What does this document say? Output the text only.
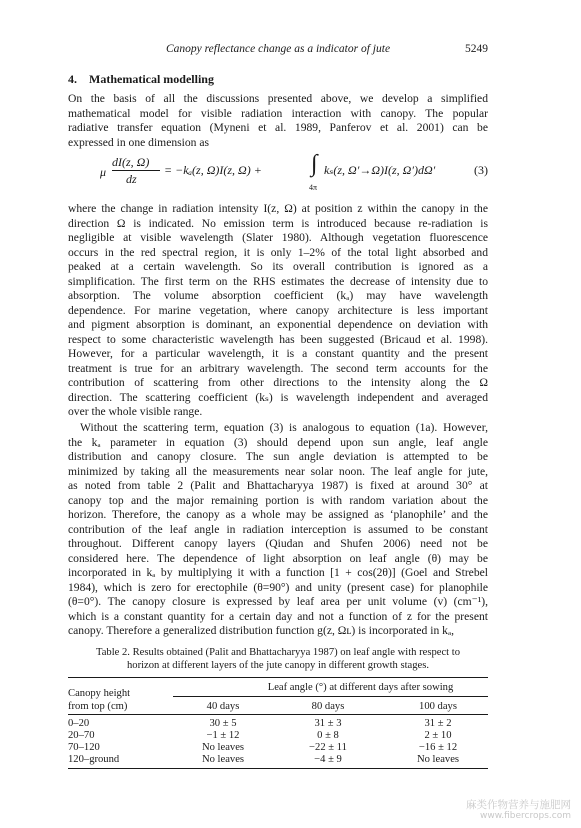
Canopy reflectance change as a indicator of jute	5249
4. Mathematical modelling

On the basis of all the discussions presented above, we develop a simplified
mathematical model for visible radiation interaction with canopy. The popular
radiative transfer equation (Myneni et al. 1989, Panferov et al. 2001) can be
expressed in one dimension as

μ
dI(z, Ω)
dz
= −kₐ(z, Ω)I(z, Ω) + ∫
4π
kₛ(z, Ω′→Ω)I(z, Ω′)dΩ′	(3)

where the change in radiation intensity I(z, Ω) at position z within the canopy in the
direction Ω is indicated. No emission term is introduced because re-radiation is
negligible at visible wavelength (Slater 1980). Although vegetation fluorescence
occurs in the red spectral region, it is only 1–2% of the total light absorbed and
peaked at a certain wavelength. So its overall contribution is ignored as a
simplification. The first term on the RHS estimates the decrease of intensity due to
absorption. The volume absorption coefficient (kₐ) may have wavelength
dependence. For marine vegetation, where canopy architecture is less important
and pigment absorption is dominant, an exponential dependence on deviation with
respect to some characteristic wavelength has been suggested (Bricaud et al. 1998).
However, for a particular wavelength, it is a constant quantity and the present
treatment is true for an arbitrary wavelength. The second term accounts for the
contribution of scattering from other directions to the intensity along the Ω
direction. The scattering coefficient (kₛ) is wavelength independent and averaged
over the whole visible range.

Without the scattering term, equation (3) is analogous to equation (1a). However,
the kₐ parameter in equation (3) should depend upon sun angle, leaf angle
distribution and canopy closure. The sun angle deviation is attempted to be
minimized by taking all the measurements near solar noon. The leaf angle for jute,
as noted from table 2 (Palit and Bhattacharyya 1987) is fixed at around 30° at
canopy top and the major remaining portion is with random variation about the
horizon. Therefore, the canopy as a whole may be assigned as ‘planophile’ and the
contribution of the leaf angle in radiation interception is assumed to be constant
throughout. Different canopy layers (Qiudan and Shufen 2006) need not be
considered here. The dependence of light absorption on leaf angle (θ) may be
incorporated in kₐ by multiplying it with a function [1 + cos(2θ)] (Goel and Strebel
1984), which is zero for erectophile (θ=90°) and unity (present case) for planophile
(θ=0°). The canopy closure is expressed by leaf area per unit volume (v) (cm⁻¹),
which is a constant quantity for a certain day and not a function of z for the present
canopy. Therefore a generalized distribution function g(z, Ωʟ) is incorporated in kₐ,

Table 2. Results obtained (Palit and Bhattacharyya 1987) on leaf angle with respect to
horizon at different layers of the jute canopy in different growth stages.
Canopy height
from top (cm)
Leaf angle (°) at different days after sowing
40 days	80 days	100 days
0–20	30 ± 5	31 ± 3	31 ± 2
20–70	−1 ± 12	0 ± 8	2 ± 10
70–120	No leaves	−22 ± 11	−16 ± 12
120–ground	No leaves	−4 ± 9	No leaves
麻类作物营养与施肥网
www.fibercrops.com
